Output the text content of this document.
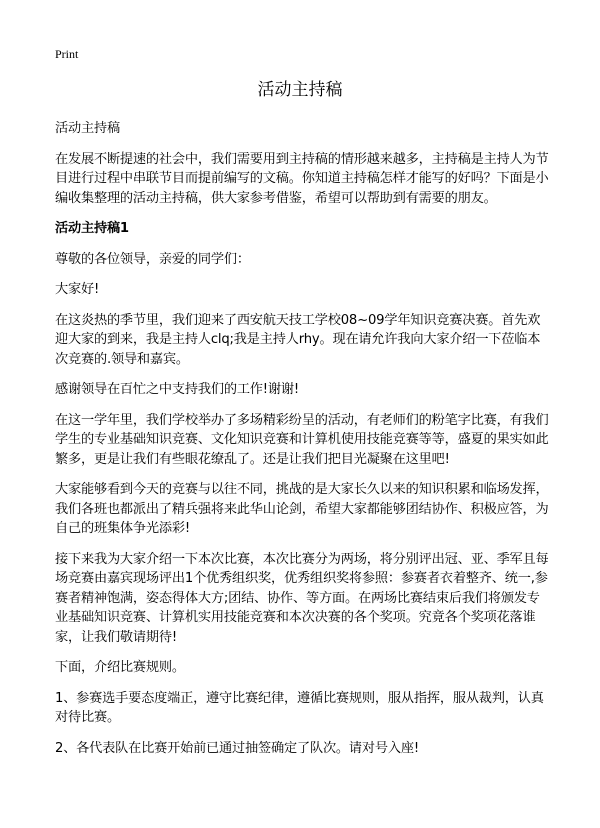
Print
活动主持稿

活动主持稿

在发展不断提速的社会中，我们需要用到主持稿的情形越来越多，主持稿是主持人为节目进行过程中串联节目而提前编写的文稿。你知道主持稿怎样才能写的好吗？下面是小编收集整理的活动主持稿，供大家参考借鉴，希望可以帮助到有需要的朋友。

活动主持稿1

尊敬的各位领导，亲爱的同学们：

大家好!

在这炎热的季节里，我们迎来了西安航天技工学校08~09学年知识竞赛决赛。首先欢迎大家的到来，我是主持人clq;我是主持人rhy。现在请允许我向大家介绍一下莅临本次竞赛的.领导和嘉宾。

感谢领导在百忙之中支持我们的工作!谢谢!

在这一学年里，我们学校举办了多场精彩纷呈的活动，有老师们的粉笔字比赛，有我们学生的专业基础知识竞赛、文化知识竞赛和计算机使用技能竞赛等等，盛夏的果实如此繁多，更是让我们有些眼花缭乱了。还是让我们把目光凝聚在这里吧!

大家能够看到今天的竞赛与以往不同，挑战的是大家长久以来的知识积累和临场发挥，我们各班也都派出了精兵强将来此华山论剑，希望大家都能够团结协作、积极应答，为自己的班集体争光添彩!

接下来我为大家介绍一下本次比赛，本次比赛分为两场，将分别评出冠、亚、季军且每场竞赛由嘉宾现场评出1个优秀组织奖，优秀组织奖将参照：参赛者衣着整齐、统一,参赛者精神饱满，姿态得体大方;团结、协作、等方面。在两场比赛结束后我们将颁发专业基础知识竞赛、计算机实用技能竞赛和本次决赛的各个奖项。究竟各个奖项花落谁家，让我们敬请期待!

下面，介绍比赛规则。

1、参赛选手要态度端正，遵守比赛纪律，遵循比赛规则，服从指挥，服从裁判，认真对待比赛。

2、各代表队在比赛开始前已通过抽签确定了队次。请对号入座!
